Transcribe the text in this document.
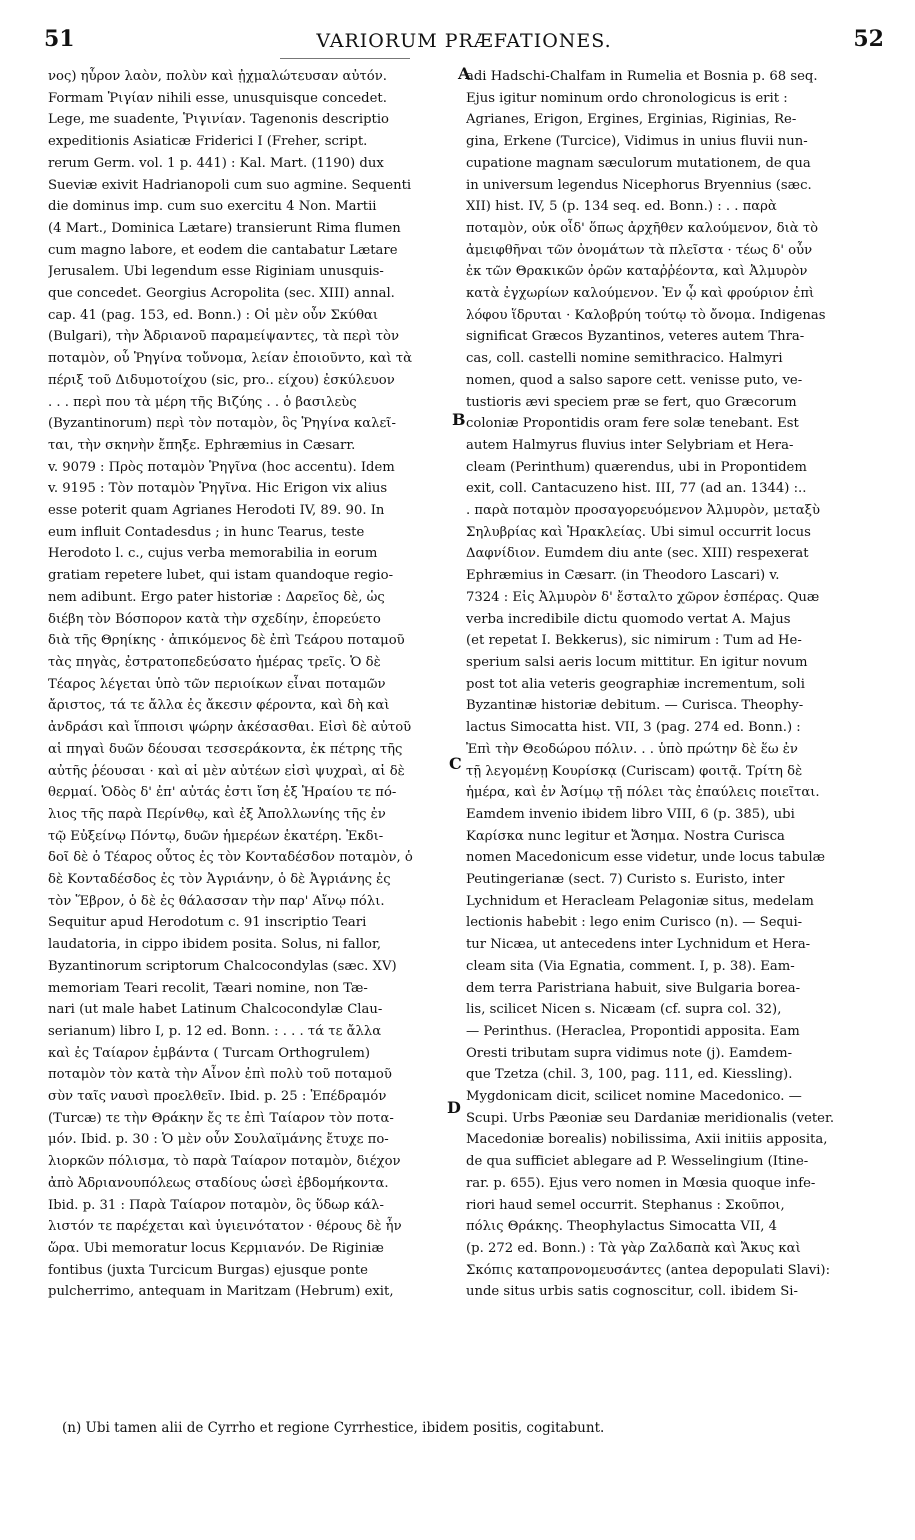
51	VARIORUM PRÆFATIONES.	52
νος) ηὗρον λαὸν, πολὺν καὶ ᾐχμαλώτευσαν αὐτόν.
Formam Ῥιγίαν nihili esse, unusquisque concedet.
Lege, me suadente, Ῥιγινίαν. Tagenonis descriptio
expeditionis Asiaticæ Friderici I (Freher, script.
rerum Germ. vol. 1 p. 441) : Kal. Mart. (1190) dux
Sueviæ exivit Hadrianopoli cum suo agmine. Sequenti
die dominus imp. cum suo exercitu 4 Non. Martii
(4 Mart., Dominica Lætare) transierunt Rima flumen
cum magno labore, et eodem die cantabatur Lætare
Jerusalem. Ubi legendum esse Riginiam unusquis-
que concedet. Georgius Acropolita (sec. XIII) annal.
cap. 41 (pag. 153, ed. Bonn.) : Οἱ μὲν οὖν Σκύθαι
(Bulgari), τὴν Ἀδριανοῦ παραμείψαντες, τὰ περὶ τὸν
ποταμὸν, οὗ Ῥηγίνα τοὔνομα, λείαν ἐποιοῦντο, καὶ τὰ
πέριξ τοῦ Διδυμοτοίχου (sic, pro.. είχου) ἐσκύλευον
. . . περὶ που τὰ μέρη τῆς Βιζύης . . ὁ βασιλεὺς
(Byzantinorum) περὶ τὸν ποταμὸν, ὃς Ῥηγίνα καλεῖ-
ται, τὴν σκηνὴν ἔπηξε. Ephræmius in Cæsarr.
v. 9079 : Πρὸς ποταμὸν Ῥηγῖνα (hoc accentu). Idem
v. 9195 : Τὸν ποταμὸν Ῥηγῖνα. Hic Erigon vix alius
esse poterit quam Agrianes Herodoti IV, 89. 90. In
eum influit Contadesdus ; in hunc Tearus, teste
Herodoto l. c., cujus verba memorabilia in eorum
gratiam repetere lubet, qui istam quandoque regio-
nem adibunt. Ergo pater historiæ : Δαρεῖος δὲ, ὡς
διέβη τὸν Βόσπορον κατὰ τὴν σχεδίην, ἐπορεύετο
διὰ τῆς Θρηίκης · ἀπικόμενος δὲ ἐπὶ Τεάρου ποταμοῦ
τὰς πηγὰς, ἐστρατοπεδεύσατο ἡμέρας τρεῖς. Ὁ δὲ
Τέαρος λέγεται ὑπὸ τῶν περιοίκων εἶναι ποταμῶν
ἄριστος, τά τε ἄλλα ἐς ἄκεσιν φέροντα, καὶ δὴ καὶ
ἀνδράσι καὶ ἵπποισι ψώρην ἀκέσασθαι. Εἰσὶ δὲ αὐτοῦ
αἱ πηγαὶ δυῶν δέουσαι τεσσεράκοντα, ἐκ πέτρης τῆς
αὐτῆς ῥέουσαι · καὶ αἱ μὲν αὐτέων εἰσὶ ψυχραὶ, αἱ δὲ
θερμαί. Ὁδὸς δ' ἐπ' αὐτάς ἐστι ἴση ἐξ Ἡραίου τε πό-
λιος τῆς παρὰ Περίνθῳ, καὶ ἐξ Ἀπολλωνίης τῆς ἐν
τῷ Εὐξείνῳ Πόντῳ, δυῶν ἡμερέων ἑκατέρη. Ἐκδι-
δοῖ δὲ ὁ Τέαρος οὗτος ἐς τὸν Κονταδέσδον ποταμὸν, ὁ
δὲ Κονταδέσδος ἐς τὸν Ἀγριάνην, ὁ δὲ Ἀγριάνης ἐς
τὸν Ἕβρον, ὁ δὲ ἐς θάλασσαν τὴν παρ' Αἴνῳ πόλι.
Sequitur apud Herodotum c. 91 inscriptio Teari
laudatoria, in cippo ibidem posita. Solus, ni fallor,
Byzantinorum scriptorum Chalcocondylas (sæc. XV)
memoriam Teari recolit, Tæari nomine, non Tæ-
nari (ut male habet Latinum Chalcocondylæ Clau-
serianum) libro I, p. 12 ed. Bonn. : . . . τά τε ἄλλα
καὶ ἐς Ταίαρον ἐμβάντα ( Turcam Orthogrulem)
ποταμὸν τὸν κατὰ τὴν Αἶνον ἐπὶ πολὺ τοῦ ποταμοῦ
σὺν ταῖς ναυσὶ προελθεῖν. Ibid. p. 25 : Ἐπέδραμόν
(Turcæ) τε τὴν Θράκην ἔς τε ἐπὶ Ταίαρον τὸν ποτα-
μόν. Ibid. p. 30 : Ὁ μὲν οὖν Σουλαϊμάνης ἔτυχε πο-
λιορκῶν πόλισμα, τὸ παρὰ Ταίαρον ποταμὸν, διέχον
ἀπὸ Ἀδριανουπόλεως σταδίους ὡσεὶ ἑβδομήκοντα.
Ibid. p. 31 : Παρὰ Ταίαρον ποταμὸν, ὃς ὕδωρ κάλ-
λιστόν τε παρέχεται καὶ ὑγιεινότατον · θέρους δὲ ἦν
ὥρα. Ubi memoratur locus Κερμιανόν. De Riginiæ
fontibus (juxta Turcicum Burgas) ejusque ponte
pulcherrimo, antequam in Maritzam (Hebrum) exit,
adi Hadschi-Chalfam in Rumelia et Bosnia p. 68 seq.
Ejus igitur nominum ordo chronologicus is erit :
Agrianes, Erigon, Ergines, Erginias, Riginias, Re-
gina, Erkene (Turcice), Vidimus in unius fluvii nun-
cupatione magnam sæculorum mutationem, de qua
in universum legendus Nicephorus Bryennius (sæc.
XII) hist. IV, 5 (p. 134 seq. ed. Bonn.) : . . παρὰ
ποταμὸν, οὐκ οἶδ' ὅπως ἀρχῆθεν καλούμενον, διὰ τὸ
ἀμειφθῆναι τῶν ὀνομάτων τὰ πλεῖστα · τέως δ' οὖν
ἐκ τῶν Θρακικῶν ὀρῶν καταῤῥέοντα, καὶ Ἀλμυρὸν
κατὰ ἐγχωρίων καλούμενον. Ἐν ᾧ καὶ φρούριον ἐπὶ
λόφου ἵδρυται · Καλοβρύη τούτῳ τὸ ὄνομα. Indigenas
significat Græcos Byzantinos, veteres autem Thra-
cas, coll. castelli nomine semithracico. Halmyri
nomen, quod a salso sapore cett. venisse puto, ve-
tustioris ævi speciem præ se fert, quo Græcorum
coloniæ Propontidis oram fere solæ tenebant. Est
autem Halmyrus fluvius inter Selybriam et Hera-
cleam (Perinthum) quærendus, ubi in Propontidem
exit, coll. Cantacuzeno hist. III, 77 (ad an. 1344) :..
. παρὰ ποταμὸν προσαγορευόμενον Ἀλμυρὸν, μεταξὺ
Σηλυβρίας καὶ Ἡρακλείας. Ubi simul occurrit locus
Δαφνίδιον. Eumdem diu ante (sec. XIII) respexerat
Ephræmius in Cæsarr. (in Theodoro Lascari) v.
7324 : Εἰς Ἀλμυρὸν δ' ἔσταλτο χῶρον ἑσπέρας. Quæ
verba incredibile dictu quomodo vertat A. Majus
(et repetat I. Bekkerus), sic nimirum : Tum ad He-
sperium salsi aeris locum mittitur. En igitur novum
post tot alia veteris geographiæ incrementum, soli
Byzantinæ historiæ debitum. — Curisca. Theophy-
lactus Simocatta hist. VII, 3 (pag. 274 ed. Bonn.) :
Ἐπὶ τὴν Θεοδώρου πόλιν. . . ὑπὸ πρώτην δὲ ἕω ἐν
τῇ λεγομένῃ Κουρίσκᾳ (Curiscam) φοιτᾷ. Τρίτη δὲ
ἡμέρα, καὶ ἐν Ἀσίμῳ τῇ πόλει τὰς ἐπαύλεις ποιεῖται.
Eamdem invenio ibidem libro VIII, 6 (p. 385), ubi
Καρίσκα nunc legitur et Ἄσημα. Nostra Curisca
nomen Macedonicum esse videtur, unde locus tabulæ
Peutingerianæ (sect. 7) Curisto s. Euristo, inter
Lychnidum et Heracleam Pelagoniæ situs, medelam
lectionis habebit : lego enim Curisco (n). — Sequi-
tur Nicæa, ut antecedens inter Lychnidum et Hera-
cleam sita (Via Egnatia, comment. I, p. 38). Eam-
dem terra Paristriana habuit, sive Bulgaria borea-
lis, scilicet Nicen s. Nicæam (cf. supra col. 32),
— Perinthus. (Heraclea, Propontidi apposita. Eam
Oresti tributam supra vidimus note (j). Eamdem-
que Tzetza (chil. 3, 100, pag. 111, ed. Kiessling).
Mygdonicam dicit, scilicet nomine Macedonico. —
Scupi. Urbs Pæoniæ seu Dardaniæ meridionalis (veter.
Macedoniæ borealis) nobilissima, Axii initiis apposita,
de qua sufficiet ablegare ad P. Wesselingium (Itine-
rar. p. 655). Ejus vero nomen in Mœsia quoque infe-
riori haud semel occurrit. Stephanus : Σκοῦποι,
πόλις Θράκης. Theophylactus Simocatta VII, 4
(p. 272 ed. Bonn.) : Τὰ γὰρ Ζαλδαπὰ καὶ Ἄκυς καὶ
Σκόπις καταπρονομευσάντες (antea depopulati Slavi):
unde situs urbis satis cognoscitur, coll. ibidem Si-
A
B
C
D
(n) Ubi tamen alii de Cyrrho et regione Cyrrhestice, ibidem positis, cogitabunt.
